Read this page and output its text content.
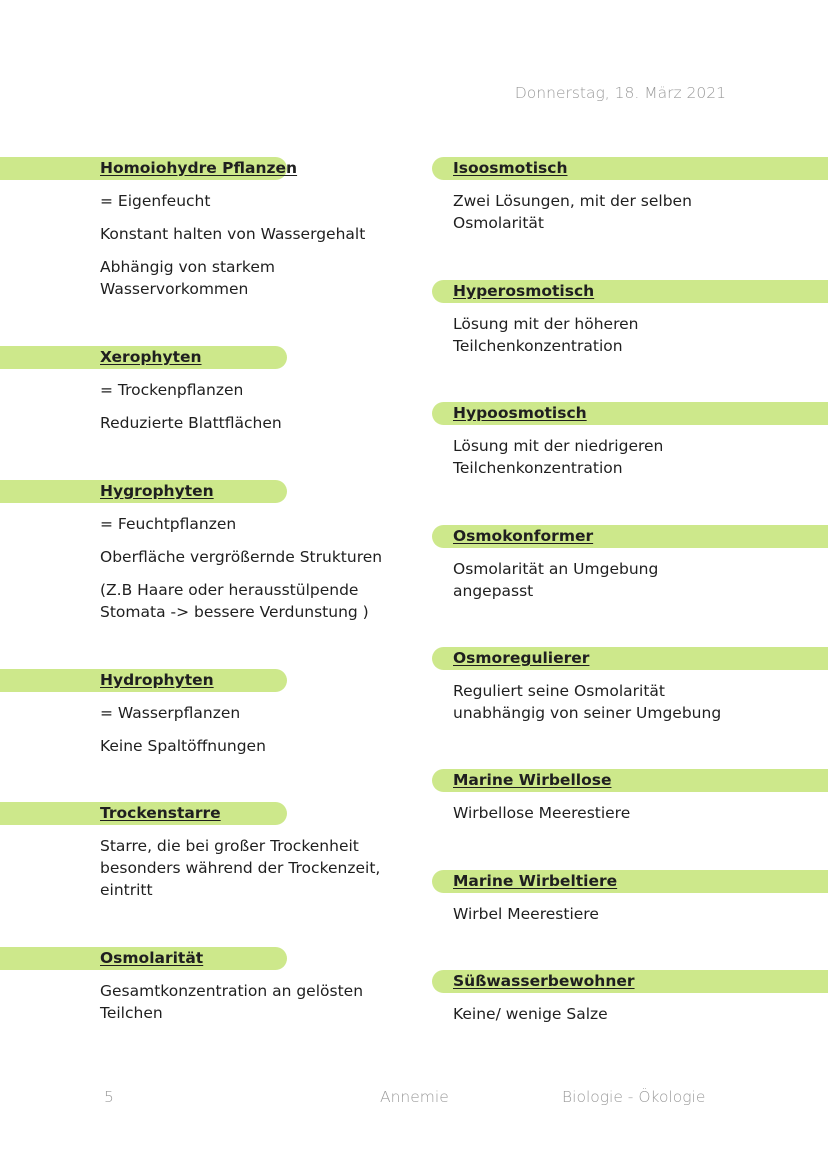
Donnerstag, 18. März 2021
Homoiohydre Pflanzen

= Eigenfeucht

Konstant halten von Wassergehalt

Abhängig von starkem
Wasservorkommen

Xerophyten

= Trockenpflanzen

Reduzierte Blattflächen

Hygrophyten

= Feuchtpflanzen

Oberfläche vergrößernde Strukturen

(Z.B Haare oder herausstülpende
Stomata -> bessere Verdunstung )

Hydrophyten

= Wasserpflanzen

Keine Spaltöffnungen

Trockenstarre

Starre, die bei großer Trockenheit
besonders während der Trockenzeit,
eintritt

Osmolarität

Gesamtkonzentration an gelösten
Teilchen

Isoosmotisch

Zwei Lösungen, mit der selben
Osmolarität

Hyperosmotisch

Lösung mit der höheren
Teilchenkonzentration

Hypoosmotisch

Lösung mit der niedrigeren
Teilchenkonzentration

Osmokonformer

Osmolarität an Umgebung
angepasst

Osmoregulierer

Reguliert seine Osmolarität
unabhängig von seiner Umgebung

Marine Wirbellose

Wirbellose Meerestiere

Marine Wirbeltiere

Wirbel Meerestiere

Süßwasserbewohner

Keine/ wenige Salze

5	Annemie	Biologie - Ökologie
